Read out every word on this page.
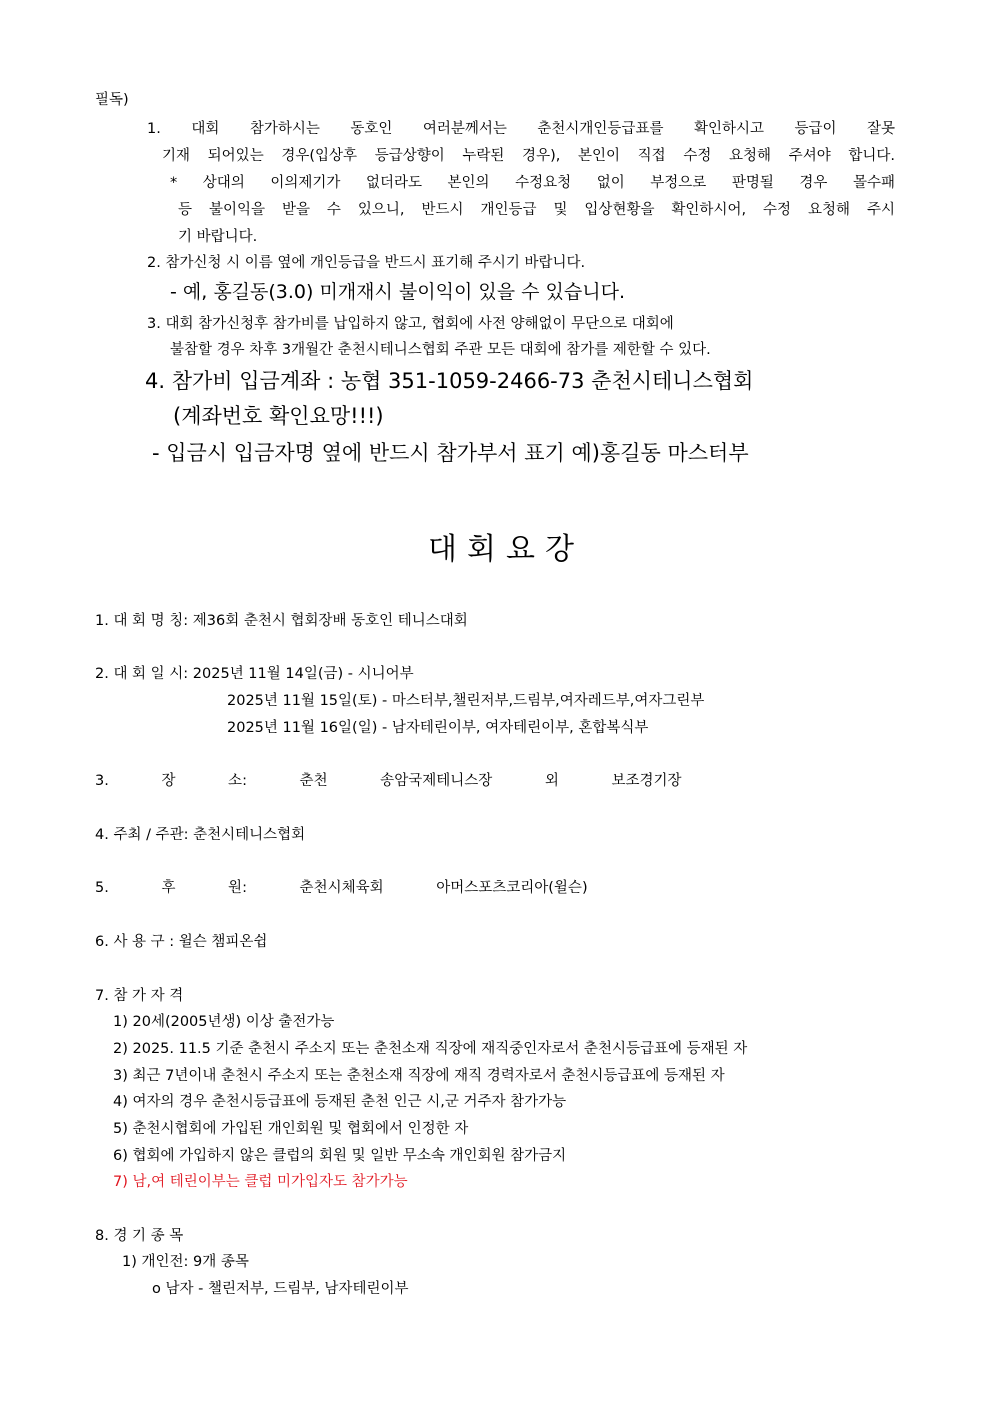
필독)
1. 대회 참가하시는 동호인 여러분께서는 춘천시개인등급표를 확인하시고 등급이 잘못
기재 되어있는 경우(입상후 등급상향이 누락된 경우), 본인이 직접 수정 요청해 주셔야 합니다.
* 상대의 이의제기가 없더라도 본인의 수정요청 없이 부정으로 판명될 경우 몰수패
등 불이익을 받을 수 있으니, 반드시 개인등급 및 입상현황을 확인하시어, 수정 요청해 주시
기 바랍니다.
2. 참가신청 시 이름 옆에 개인등급을 반드시 표기해 주시기 바랍니다.
- 예, 홍길동(3.0) 미개재시 불이익이 있을 수 있습니다.
3. 대회 참가신청후 참가비를 납입하지 않고, 협회에 사전 양해없이 무단으로 대회에
불참할 경우 차후 3개월간 춘천시테니스협회 주관 모든 대회에 참가를 제한할 수 있다.
4. 참가비 입금계좌 : 농협 351-1059-2466-73 춘천시테니스협회
(계좌번호 확인요망!!!)
- 입금시 입금자명 옆에 반드시 참가부서 표기 예)홍길동 마스터부
대회요강
1. 대 회 명 칭: 제36회 춘천시 협회장배 동호인 테니스대회
2. 대 회 일 시: 2025년 11월 14일(금) - 시니어부
2025년 11월 15일(토) - 마스터부,챌린저부,드림부,여자레드부,여자그린부
2025년 11월 16일(일) - 남자테린이부, 여자테린이부, 혼합복식부
3. 장 소: 춘천 송암국제테니스장 외 보조경기장
4. 주최 / 주관: 춘천시테니스협회
5. 후 원: 춘천시체육회 아머스포츠코리아(윌슨)
6. 사 용 구 : 윌슨 챔피온쉽
7. 참 가 자 격
1) 20세(2005년생) 이상 출전가능
2) 2025. 11.5 기준 춘천시 주소지 또는 춘천소재 직장에 재직중인자로서 춘천시등급표에 등재된 자
3) 최근 7년이내 춘천시 주소지 또는 춘천소재 직장에 재직 경력자로서 춘천시등급표에 등재된 자
4) 여자의 경우 춘천시등급표에 등재된 춘천 인근 시,군 거주자 참가가능
5) 춘천시협회에 가입된 개인회원 및 협회에서 인정한 자
6) 협회에 가입하지 않은 클럽의 회원 및 일반 무소속 개인회원 참가금지
7) 남,여 테린이부는 클럽 미가입자도 참가가능
8. 경 기 종 목
1) 개인전: 9개 종목
o 남자 - 챌린저부, 드림부, 남자테린이부
